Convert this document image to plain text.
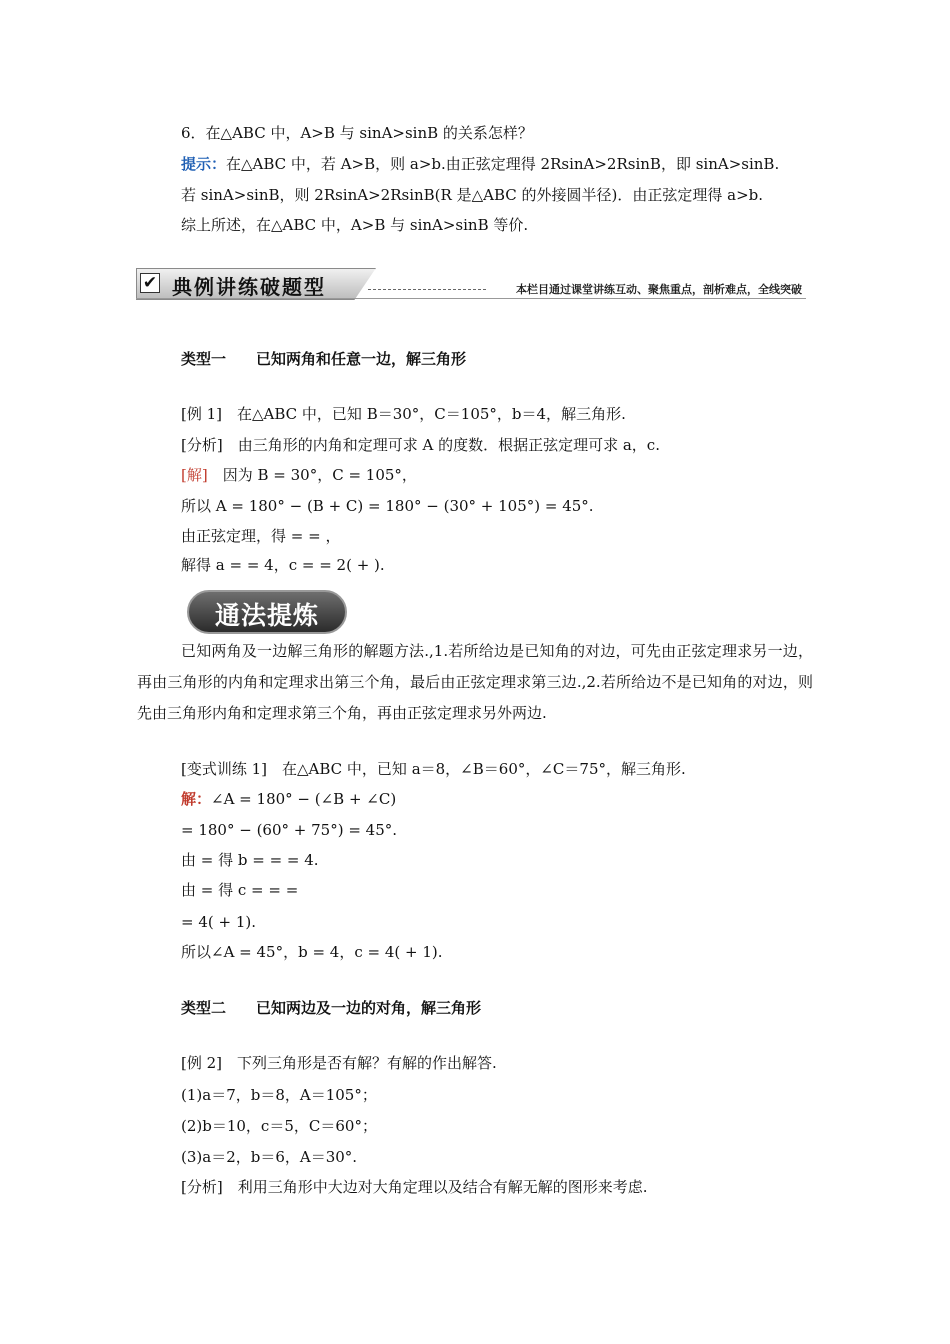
6．在△ABC 中，A>B 与 sinA>sinB 的关系怎样？
提示：在△ABC 中，若 A>B，则 a>b.由正弦定理得 2RsinA>2RsinB，即 sinA>sinB.
若 sinA>sinB，则 2RsinA>2RsinB(R 是△ABC 的外接圆半径)．由正弦定理得 a>b.
综上所述，在△ABC 中，A>B 与 sinA>sinB 等价.
✔ 典例讲练破题型	本栏目通过课堂讲练互动、聚焦重点，剖析难点，全线突破
类型一　　已知两角和任意一边，解三角形
[例 1]　在△ABC 中，已知 B＝30°，C＝105°，b＝4，解三角形.
[分析]　由三角形的内角和定理可求 A 的度数．根据正弦定理可求 a，c.
[解]　因为 B = 30°，C = 105°，
所以 A = 180° − (B + C) = 180° − (30° + 105°) = 45°.
由正弦定理，得 = = ，
解得 a = = 4，c = = 2( + ).
通法提炼
已知两角及一边解三角形的解题方法.,1.若所给边是已知角的对边，可先由正弦定理求另一边，再由三角形的内角和定理求出第三个角，最后由正弦定理求第三边.,2.若所给边不是已知角的对边，则先由三角形内角和定理求第三个角，再由正弦定理求另外两边.
[变式训练 1]　在△ABC 中，已知 a＝8，∠B＝60°，∠C＝75°，解三角形.
解：∠A = 180° − (∠B + ∠C)
= 180° − (60° + 75°) = 45°.
由 = 得 b = = = 4.
由 = 得 c = = =
= 4( + 1).
所以∠A = 45°，b = 4，c = 4( + 1).
类型二　　已知两边及一边的对角，解三角形
[例 2]　下列三角形是否有解？有解的作出解答.
(1)a＝7，b＝8，A＝105°；
(2)b＝10，c＝5，C＝60°；
(3)a＝2，b＝6，A＝30°.
[分析]　利用三角形中大边对大角定理以及结合有解无解的图形来考虑.
